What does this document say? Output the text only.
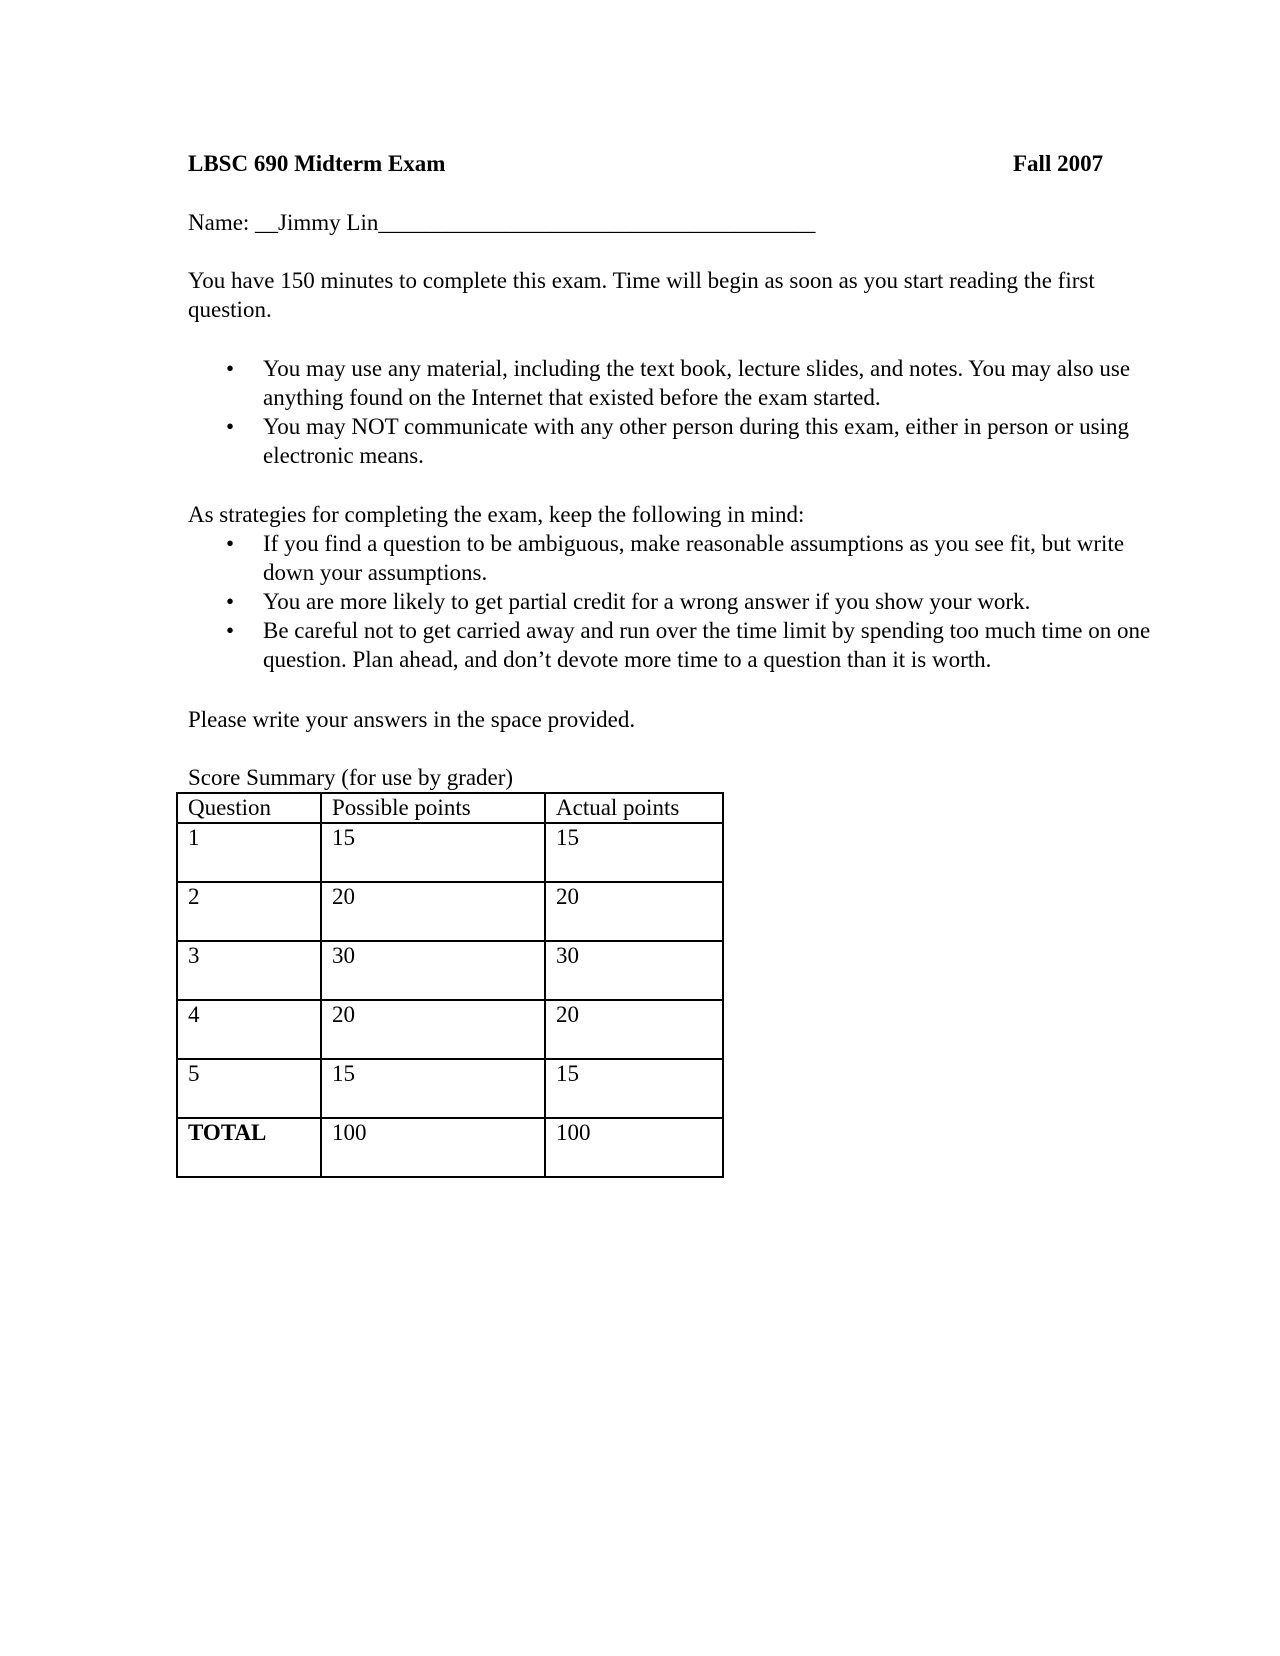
LBSC 690 Midterm Exam	Fall 2007
Name: __Jimmy Lin______________________________________

You have 150 minutes to complete this exam. Time will begin as soon as you start reading the first question.

• You may use any material, including the text book, lecture slides, and notes. You may also use anything found on the Internet that existed before the exam started.
• You may NOT communicate with any other person during this exam, either in person or using electronic means.
As strategies for completing the exam, keep the following in mind:
• If you find a question to be ambiguous, make reasonable assumptions as you see fit, but write down your assumptions.
• You are more likely to get partial credit for a wrong answer if you show your work.
• Be careful not to get carried away and run over the time limit by spending too much time on one question. Plan ahead, and don’t devote more time to a question than it is worth.
Please write your answers in the space provided.
Score Summary (for use by grader)
Question	Possible points	Actual points
1	15	15
2	20	20
3	30	30
4	20	20
5	15	15
TOTAL	100	100
